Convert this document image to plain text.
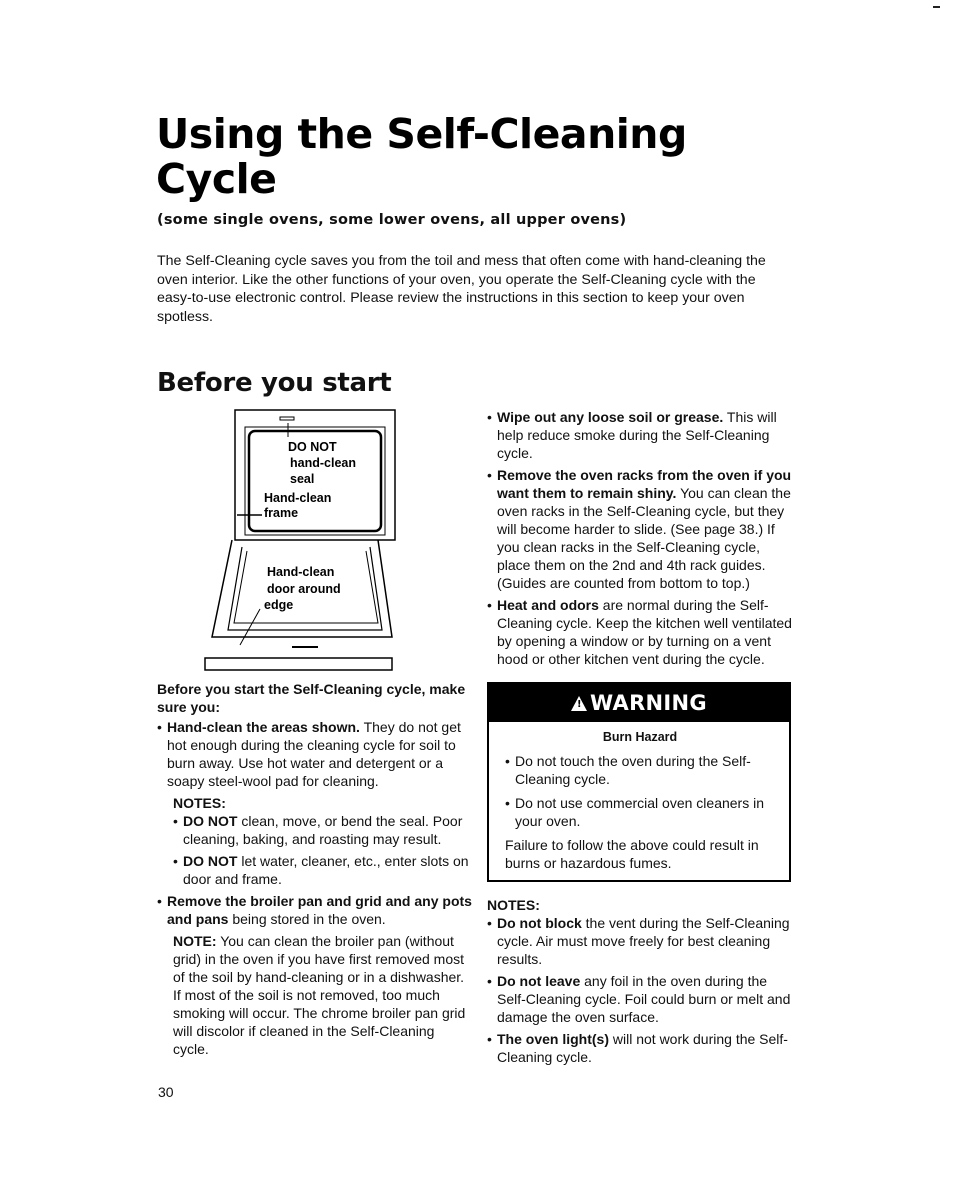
Using the Self-Cleaning Cycle
(some single ovens, some lower ovens, all upper ovens)

The Self-Cleaning cycle saves you from the toil and mess that often come with hand-cleaning the oven interior. Like the other functions of your oven, you operate the Self-Cleaning cycle with the easy-to-use electronic control. Please review the instructions in this section to keep your oven spotless.

Before you start
DO NOT
hand-clean
seal
Hand-clean
frame
Hand-clean
door around
edge

Before you start the Self-Cleaning cycle, make sure you:

• Hand-clean the areas shown. They do not get hot enough during the cleaning cycle for soil to burn away. Use hot water and detergent or a soapy steel-wool pad for cleaning.

NOTES:

• DO NOT clean, move, or bend the seal. Poor cleaning, baking, and roasting may result.
• DO NOT let water, cleaner, etc., enter slots on door and frame.
• Remove the broiler pan and grid and any pots and pans being stored in the oven.

NOTE: You can clean the broiler pan (without grid) in the oven if you have first removed most of the soil by hand-cleaning or in a dishwasher. If most of the soil is not removed, too much smoking will occur. The chrome broiler pan grid will discolor if cleaned in the Self-Cleaning cycle.

• Wipe out any loose soil or grease. This will help reduce smoke during the Self-Cleaning cycle.
• Remove the oven racks from the oven if you want them to remain shiny. You can clean the oven racks in the Self-Cleaning cycle, but they will become harder to slide. (See page 38.) If you clean racks in the Self-Cleaning cycle, place them on the 2nd and 4th rack guides. (Guides are counted from bottom to top.)
• Heat and odors are normal during the Self-Cleaning cycle. Keep the kitchen well ventilated by opening a window or by turning on a vent hood or other kitchen vent during the cycle.
! WARNING

Burn Hazard

• Do not touch the oven during the Self-Cleaning cycle.
• Do not use commercial oven cleaners in your oven.

Failure to follow the above could result in burns or hazardous fumes.

NOTES:

• Do not block the vent during the Self-Cleaning cycle. Air must move freely for best cleaning results.
• Do not leave any foil in the oven during the Self-Cleaning cycle. Foil could burn or melt and damage the oven surface.
• The oven light(s) will not work during the Self-Cleaning cycle.
30
